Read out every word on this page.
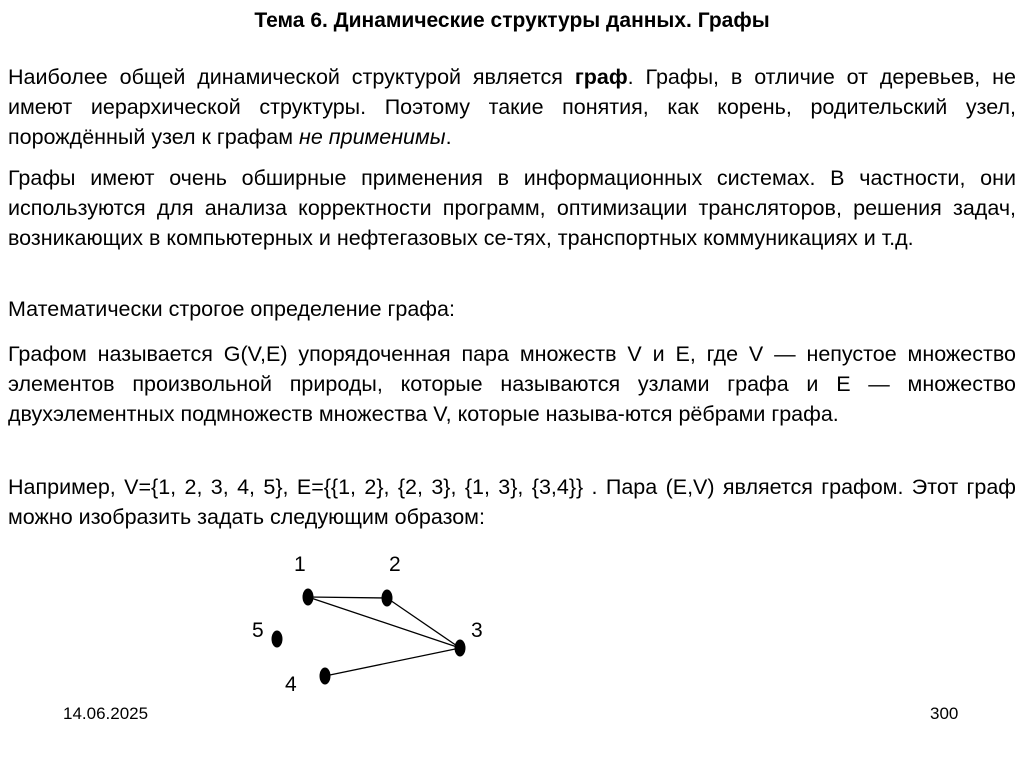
Тема 6. Динамические структуры данных. Графы

Наиболее общей динамической структурой является граф. Графы, в отличие от деревьев, не имеют иерархической структуры. Поэтому такие понятия, как корень, родительский узел, порождённый узел к графам не применимы.

Графы имеют очень обширные применения в информационных системах. В частности, они используются для анализа корректности программ, оптимизации трансляторов, решения задач, возникающих в компьютерных и нефтегазовых се-тях, транспортных коммуникациях и т.д.

Математически строгое определение графа:

Графом называется G(V,E) упорядоченная пара множеств V и E, где V — непустое множество элементов произвольной природы, которые называются узлами графа и E — множество двухэлементных подмножеств множества V, которые называ-ются рёбрами графа.

Например, V={1, 2, 3, 4, 5}, E={{1, 2}, {2, 3}, {1, 3}, {3,4}} . Пара (E,V) является графом. Этот граф можно изобразить задать следующим образом:

1	2
3
4
5
14.06.2025	300
